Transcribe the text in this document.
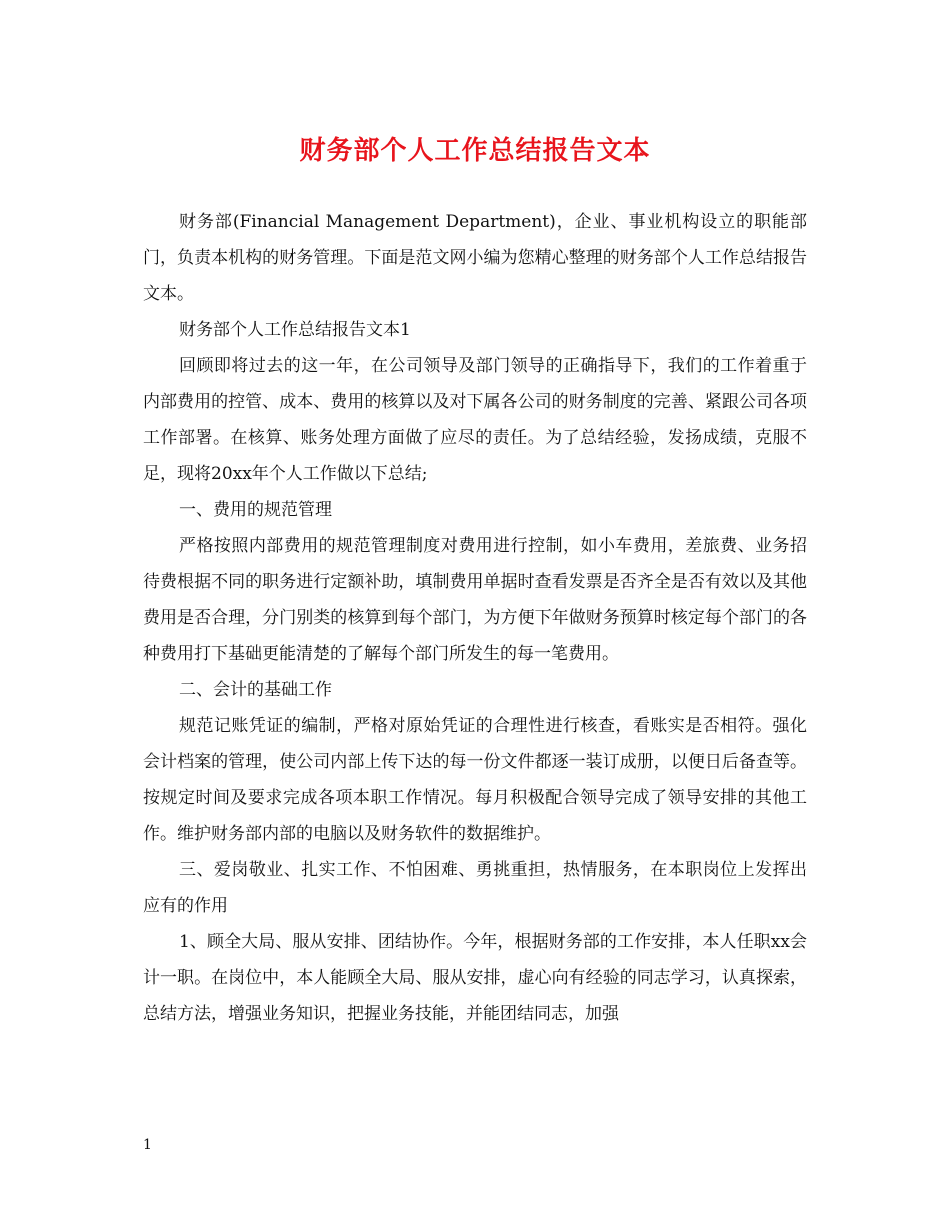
财务部个人工作总结报告文本

财务部(Financial Management Department)，企业、事业机构设立的职能部门，负责本机构的财务管理。下面是范文网小编为您精心整理的财务部个人工作总结报告文本。

财务部个人工作总结报告文本1

回顾即将过去的这一年，在公司领导及部门领导的正确指导下，我们的工作着重于内部费用的控管、成本、费用的核算以及对下属各公司的财务制度的完善、紧跟公司各项工作部署。在核算、账务处理方面做了应尽的责任。为了总结经验，发扬成绩，克服不足，现将20xx年个人工作做以下总结;

一、费用的规范管理

严格按照内部费用的规范管理制度对费用进行控制，如小车费用，差旅费、业务招待费根据不同的职务进行定额补助，填制费用单据时查看发票是否齐全是否有效以及其他费用是否合理，分门别类的核算到每个部门，为方便下年做财务预算时核定每个部门的各种费用打下基础更能清楚的了解每个部门所发生的每一笔费用。

二、会计的基础工作

规范记账凭证的编制，严格对原始凭证的合理性进行核查，看账实是否相符。强化会计档案的管理，使公司内部上传下达的每一份文件都逐一装订成册，以便日后备查等。按规定时间及要求完成各项本职工作情况。每月积极配合领导完成了领导安排的其他工作。维护财务部内部的电脑以及财务软件的数据维护。

三、爱岗敬业、扎实工作、不怕困难、勇挑重担，热情服务，在本职岗位上发挥出应有的作用

1、顾全大局、服从安排、团结协作。今年，根据财务部的工作安排，本人任职xx会计一职。在岗位中，本人能顾全大局、服从安排，虚心向有经验的同志学习，认真探索，总结方法，增强业务知识，把握业务技能，并能团结同志，加强

1
